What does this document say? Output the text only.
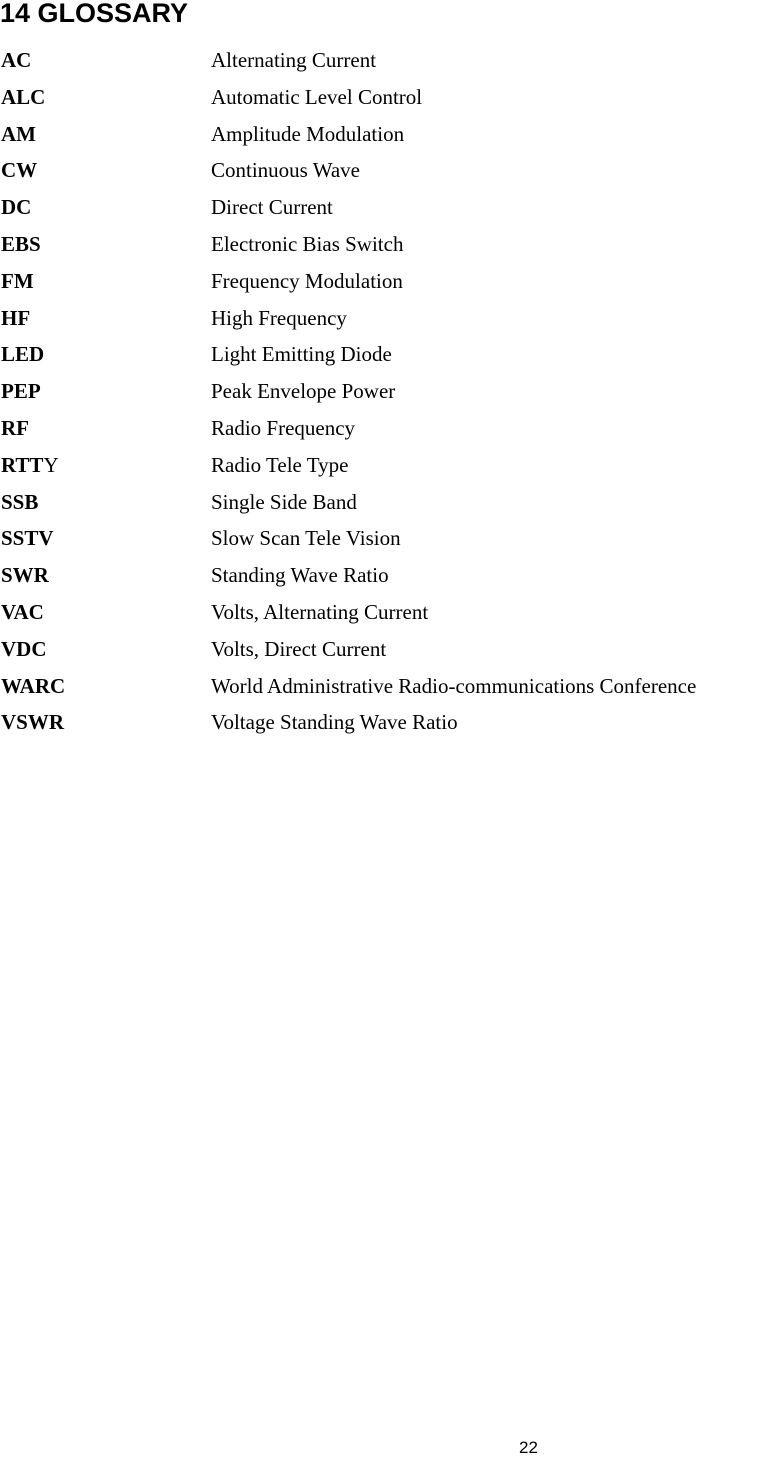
14 GLOSSARY
AC	Alternating Current
ALC	Automatic Level Control
AM	Amplitude Modulation
CW	Continuous Wave
DC	Direct Current
EBS	Electronic Bias Switch
FM	Frequency Modulation
HF	High Frequency
LED	Light Emitting Diode
PEP	Peak Envelope Power
RF	Radio Frequency
RTTY	Radio Tele Type
SSB	Single Side Band
SSTV	Slow Scan Tele Vision
SWR	Standing Wave Ratio
VAC	Volts, Alternating Current
VDC	Volts, Direct Current
WARC	World Administrative Radio-communications Conference
VSWR	Voltage Standing Wave Ratio
22
